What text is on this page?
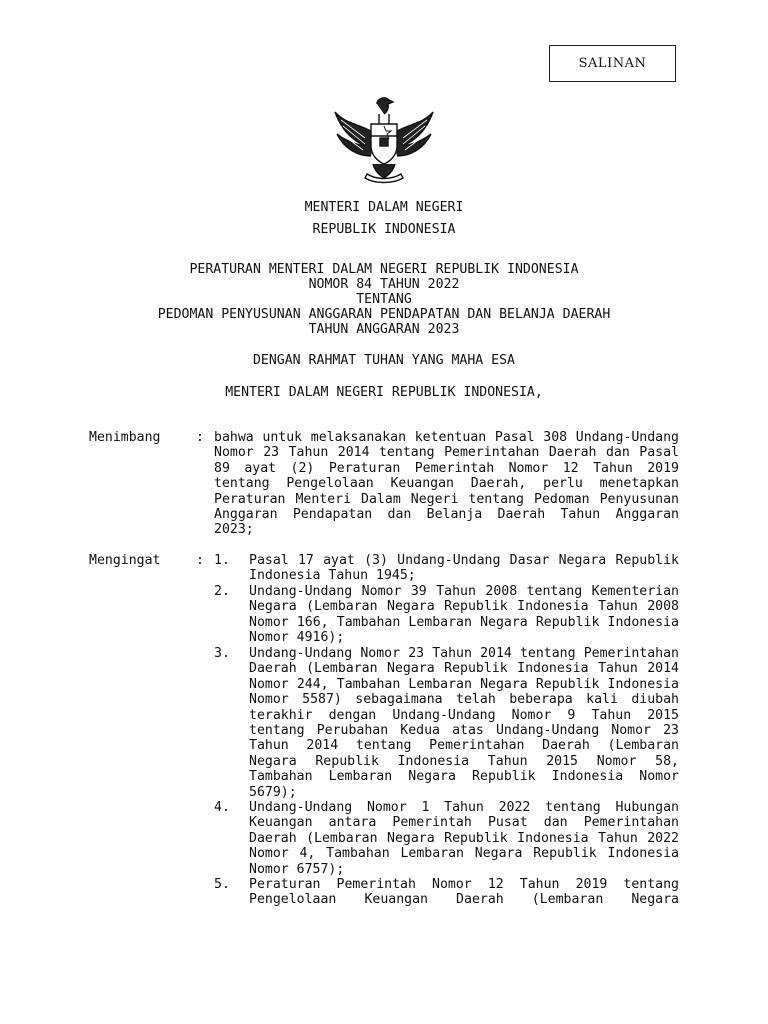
SALINAN
MENTERI DALAM NEGERI
REPUBLIK INDONESIA
PERATURAN MENTERI DALAM NEGERI REPUBLIK INDONESIA
NOMOR 84 TAHUN 2022
TENTANG
PEDOMAN PENYUSUNAN ANGGARAN PENDAPATAN DAN BELANJA DAERAH
TAHUN ANGGARAN 2023
DENGAN RAHMAT TUHAN YANG MAHA ESA
MENTERI DALAM NEGERI REPUBLIK INDONESIA,
Menimbang	: bahwa untuk melaksanakan ketentuan Pasal 308 Undang-Undang Nomor 23 Tahun 2014 tentang Pemerintahan Daerah dan Pasal 89 ayat (2) Peraturan Pemerintah Nomor 12 Tahun 2019 tentang Pengelolaan Keuangan Daerah, perlu menetapkan Peraturan Menteri Dalam Negeri tentang Pedoman Penyusunan Anggaran Pendapatan dan Belanja Daerah Tahun Anggaran 2023;
Mengingat	: 1. Pasal 17 ayat (3) Undang-Undang Dasar Negara Republik Indonesia Tahun 1945;
2. Undang-Undang Nomor 39 Tahun 2008 tentang Kementerian Negara (Lembaran Negara Republik Indonesia Tahun 2008 Nomor 166, Tambahan Lembaran Negara Republik Indonesia Nomor 4916);
3. Undang-Undang Nomor 23 Tahun 2014 tentang Pemerintahan Daerah (Lembaran Negara Republik Indonesia Tahun 2014 Nomor 244, Tambahan Lembaran Negara Republik Indonesia Nomor 5587) sebagaimana telah beberapa kali diubah terakhir dengan Undang-Undang Nomor 9 Tahun 2015 tentang Perubahan Kedua atas Undang-Undang Nomor 23 Tahun 2014 tentang Pemerintahan Daerah (Lembaran Negara Republik Indonesia Tahun 2015 Nomor 58, Tambahan Lembaran Negara Republik Indonesia Nomor 5679);
4. Undang-Undang Nomor 1 Tahun 2022 tentang Hubungan Keuangan antara Pemerintah Pusat dan Pemerintahan Daerah (Lembaran Negara Republik Indonesia Tahun 2022 Nomor 4, Tambahan Lembaran Negara Republik Indonesia Nomor 6757);
5. Peraturan Pemerintah Nomor 12 Tahun 2019 tentang Pengelolaan Keuangan Daerah (Lembaran Negara
